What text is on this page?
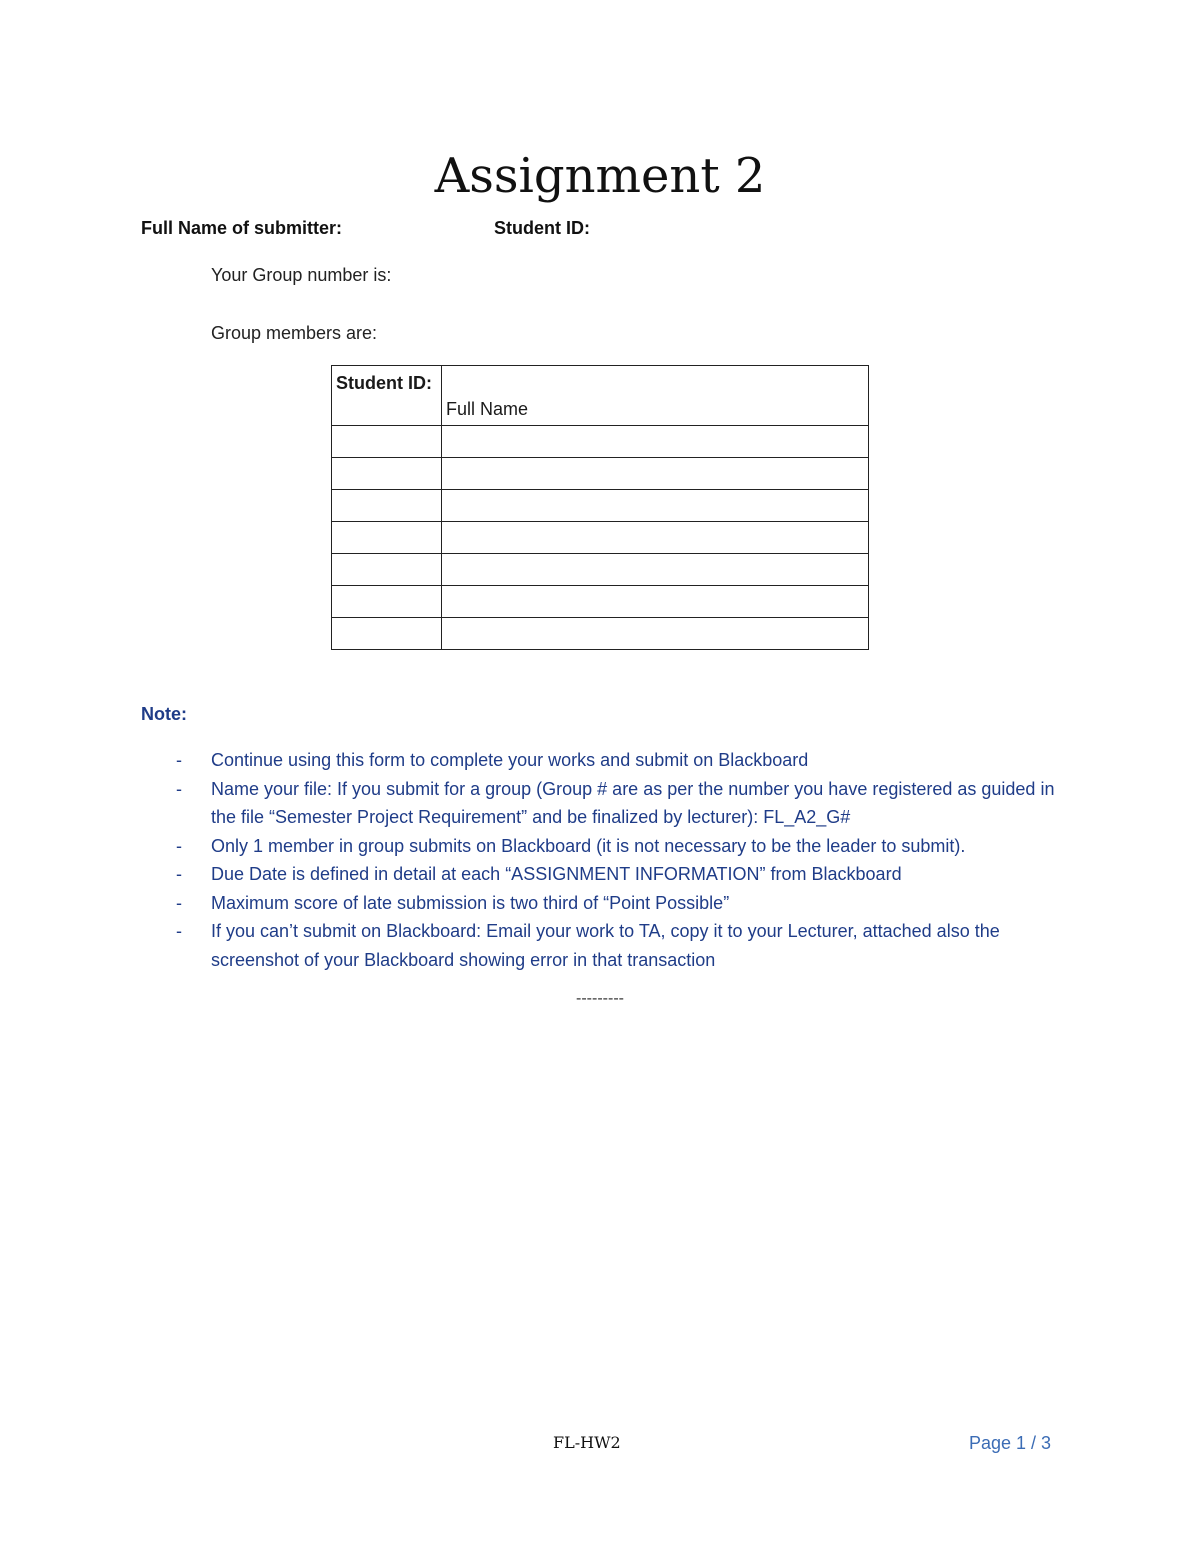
Assignment 2
Full Name of submitter:	Student ID:
Your Group number is:
Group members are:
Student ID:	Full Name

Note:
- Continue using this form to complete your works and submit on Blackboard
- Name your file: If you submit for a group (Group # are as per the number you have registered as guided in the file “Semester Project Requirement” and be finalized by lecturer): FL_A2_G#
- Only 1 member in group submits on Blackboard (it is not necessary to be the leader to submit).
- Due Date is defined in detail at each “ASSIGNMENT INFORMATION” from Blackboard
- Maximum score of late submission is two third of “Point Possible”
- If you can’t submit on Blackboard: Email your work to TA, copy it to your Lecturer, attached also the screenshot of your Blackboard showing error in that transaction
---------
FL-HW2	Page 1 / 3
